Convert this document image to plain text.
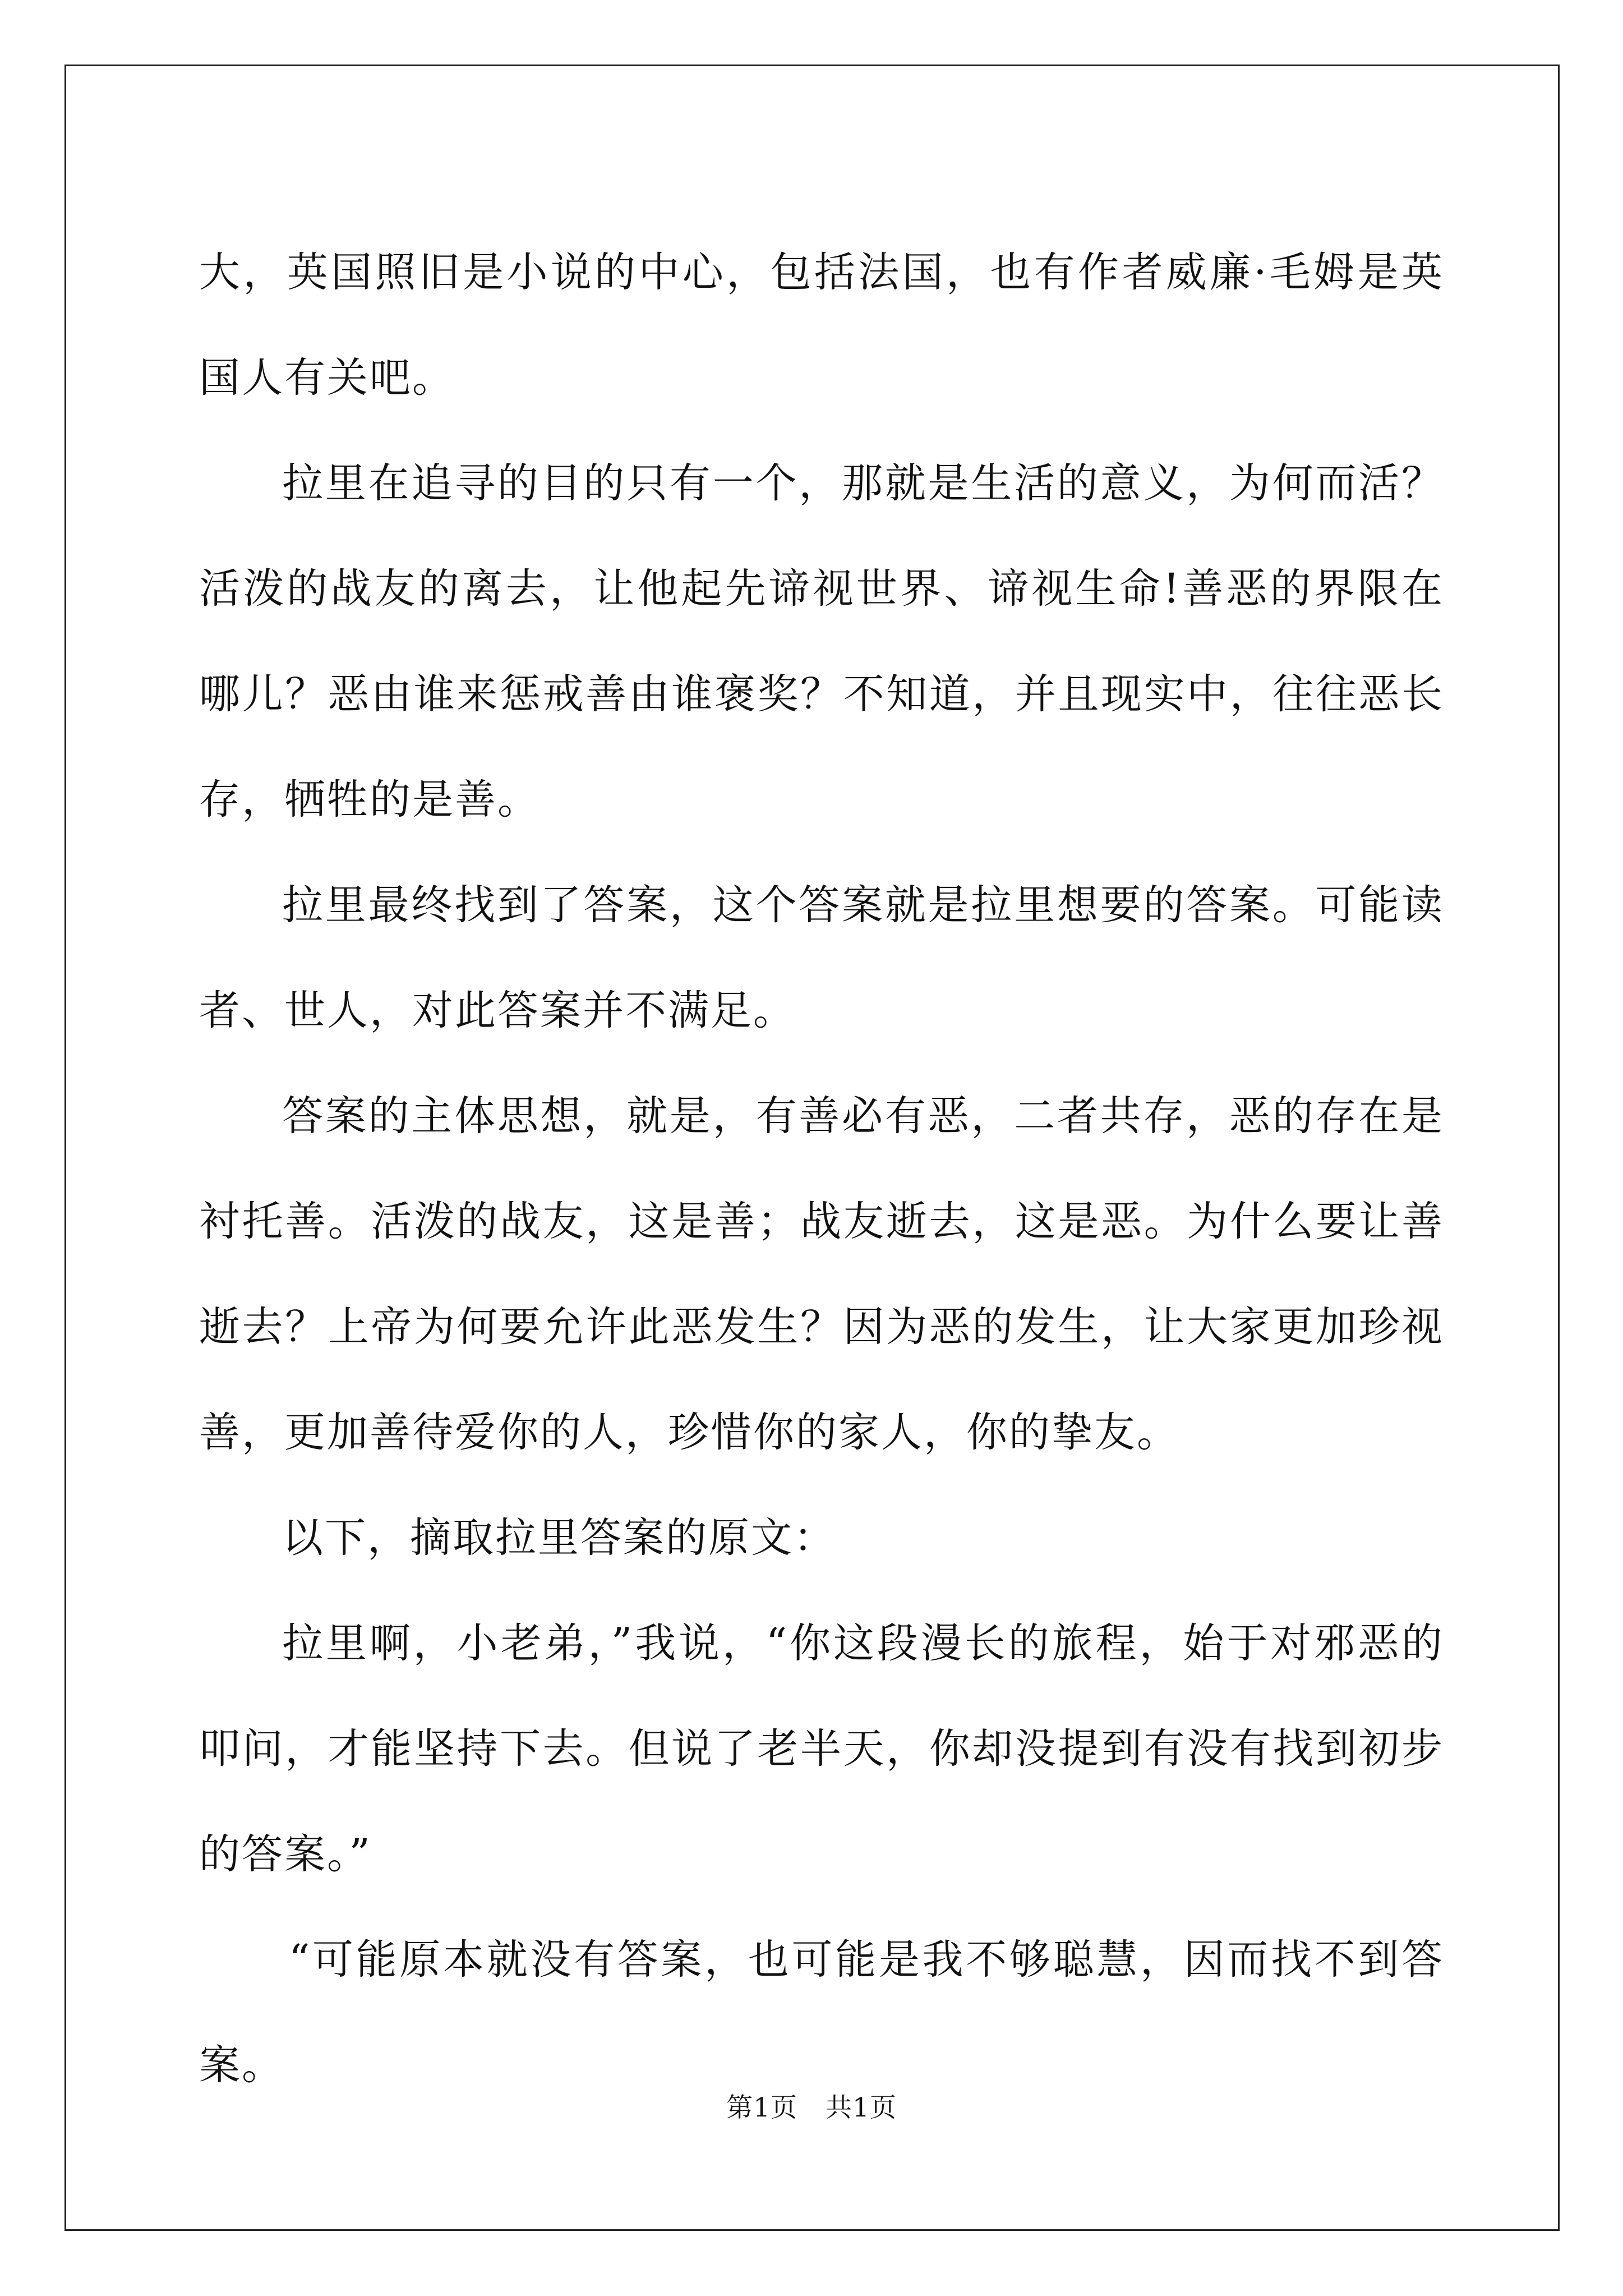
大，英国照旧是小说的中心，包括法国，也有作者威廉·毛姆是英国人有关吧。

拉里在追寻的目的只有一个，那就是生活的意义，为何而活？活泼的战友的离去，让他起先谛视世界、谛视生命!善恶的界限在哪儿？恶由谁来惩戒善由谁褒奖？不知道，并且现实中，往往恶长存，牺牲的是善。

拉里最终找到了答案，这个答案就是拉里想要的答案。可能读者、世人，对此答案并不满足。

答案的主体思想，就是，有善必有恶，二者共存，恶的存在是衬托善。活泼的战友，这是善；战友逝去，这是恶。为什么要让善逝去？上帝为何要允许此恶发生？因为恶的发生，让大家更加珍视善，更加善待爱你的人，珍惜你的家人，你的挚友。

以下，摘取拉里答案的原文：

拉里啊，小老弟，”我说，“你这段漫长的旅程，始于对邪恶的叩问，才能坚持下去。但说了老半天，你却没提到有没有找到初步的答案。”

“可能原本就没有答案，也可能是我不够聪慧，因而找不到答案。

第1页 共1页
